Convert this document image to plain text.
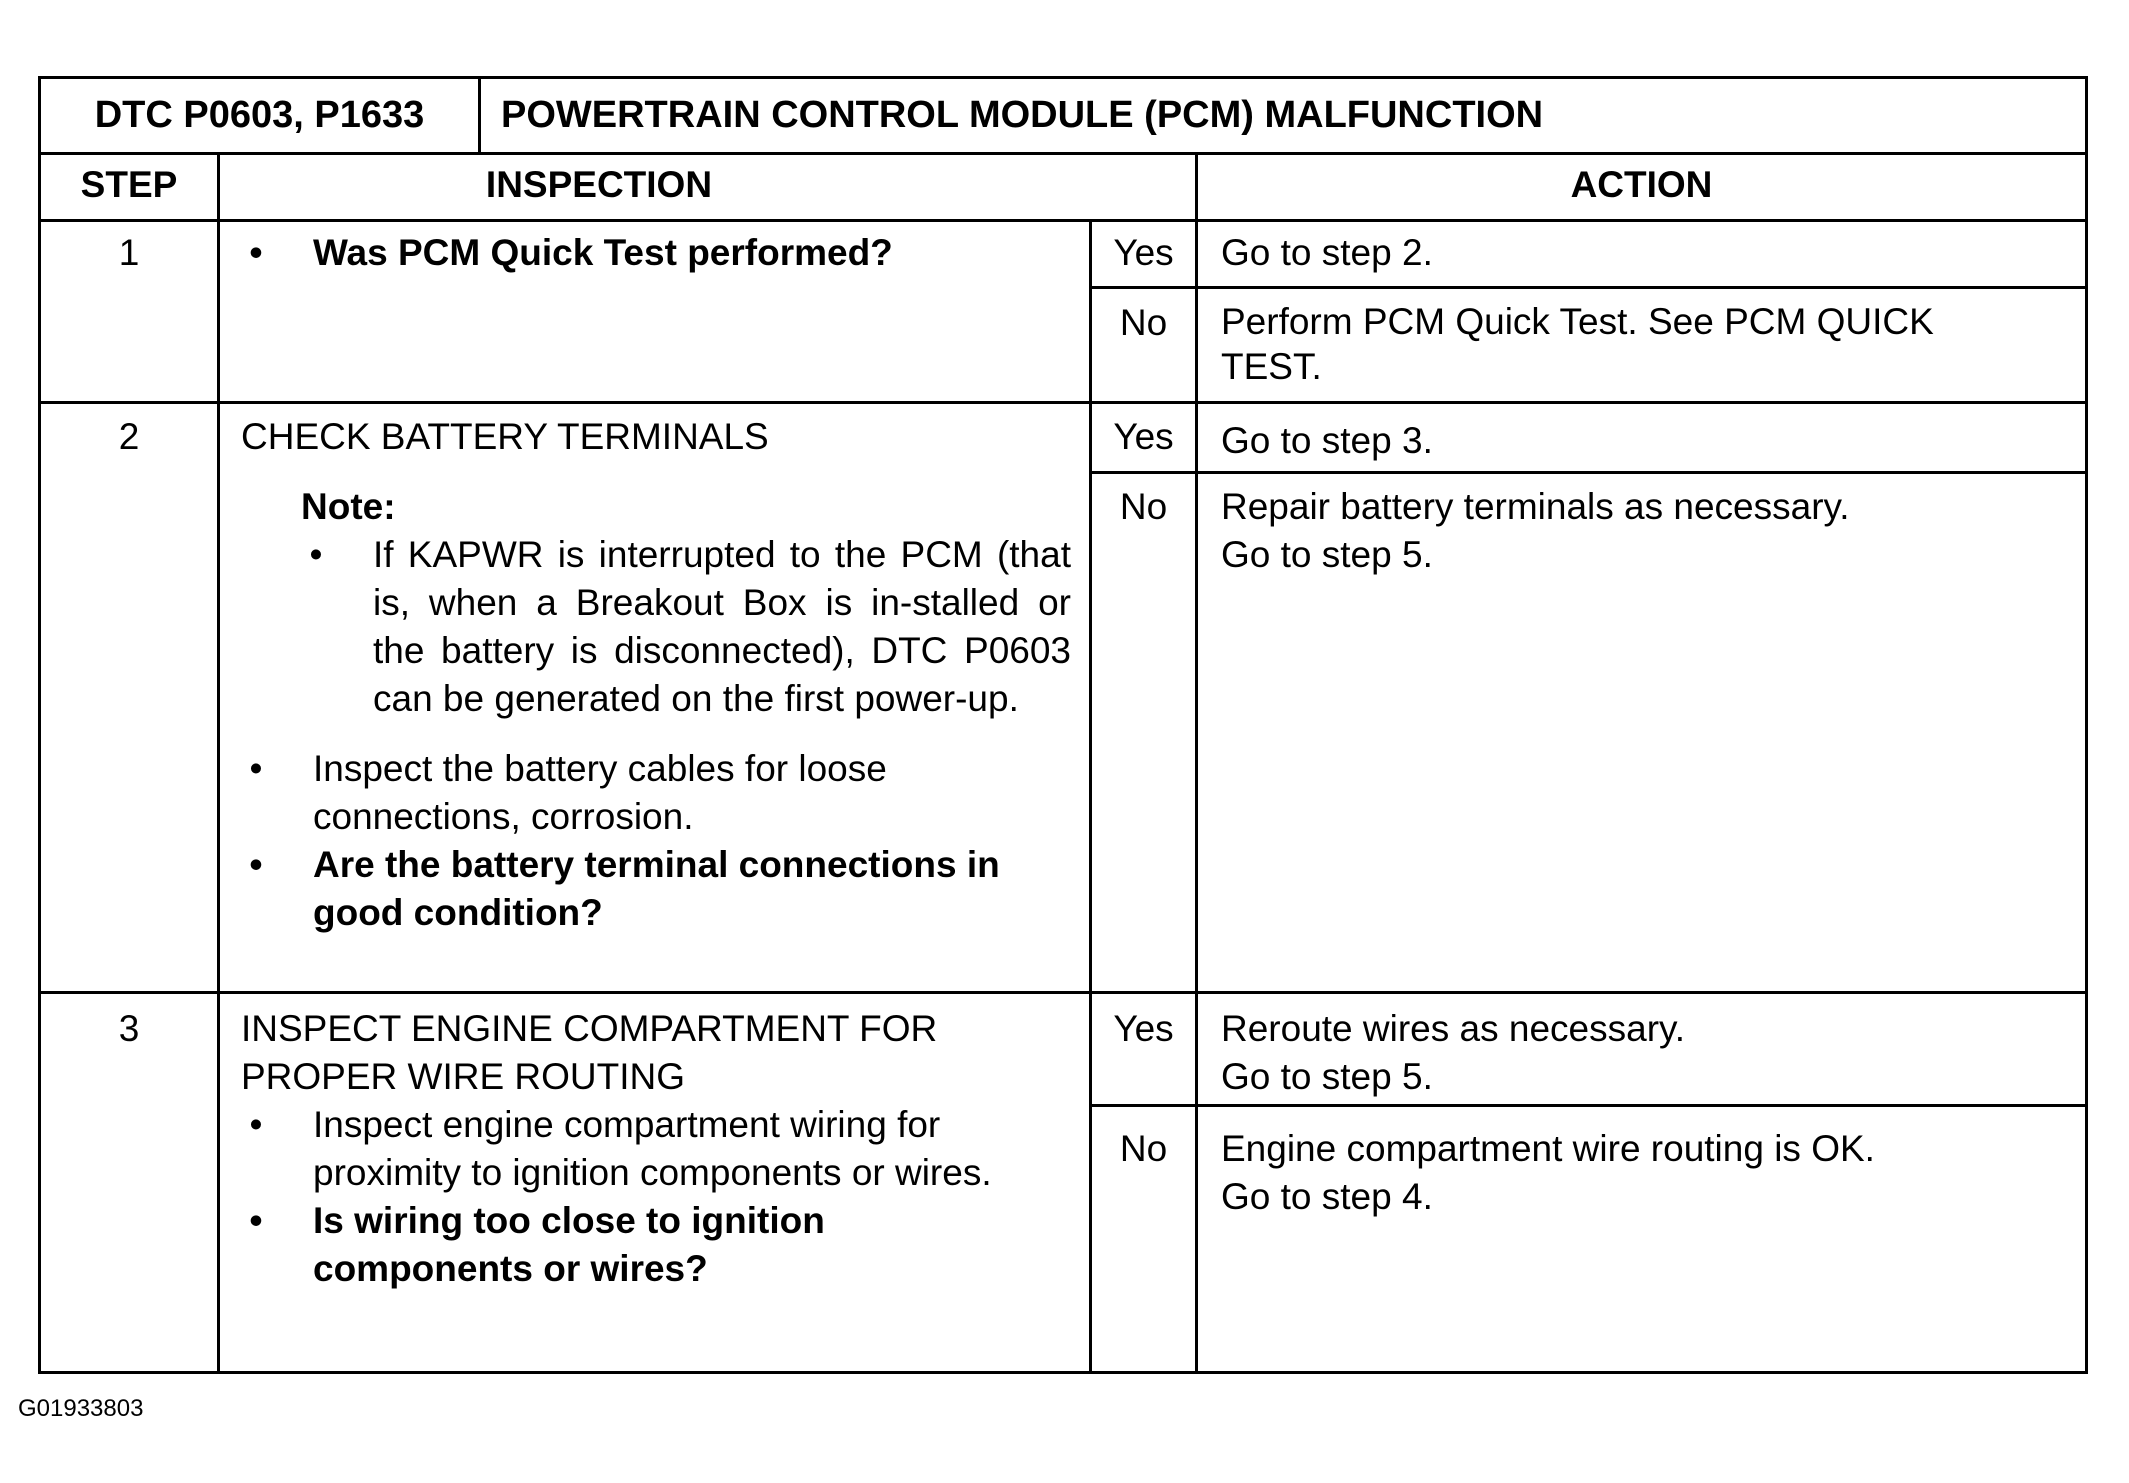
DTC P0603, P1633	POWERTRAIN CONTROL MODULE (PCM) MALFUNCTION
STEP	INSPECTION	ACTION
1	• Was PCM Quick Test performed?	Yes	Go to step 2.
No	Perform PCM Quick Test. See PCM QUICK
TEST.
2	CHECK BATTERY TERMINALS
Note:
• If KAPWR is interrupted to the PCM (that is, when a Breakout Box is in-stalled or the battery is disconnected), DTC P0603 can be generated on the first power-up.
• Inspect the battery cables for loose connections, corrosion.
• Are the battery terminal connections in good condition?
Yes	Go to step 3.
No	Repair battery terminals as necessary.
Go to step 5.
3	INSPECT ENGINE COMPARTMENT FOR PROPER WIRE ROUTING
• Inspect engine compartment wiring for proximity to ignition components or wires.
• Is wiring too close to ignition components or wires?
Yes	Reroute wires as necessary.
Go to step 5.
No	Engine compartment wire routing is OK.
Go to step 4.
G01933803
